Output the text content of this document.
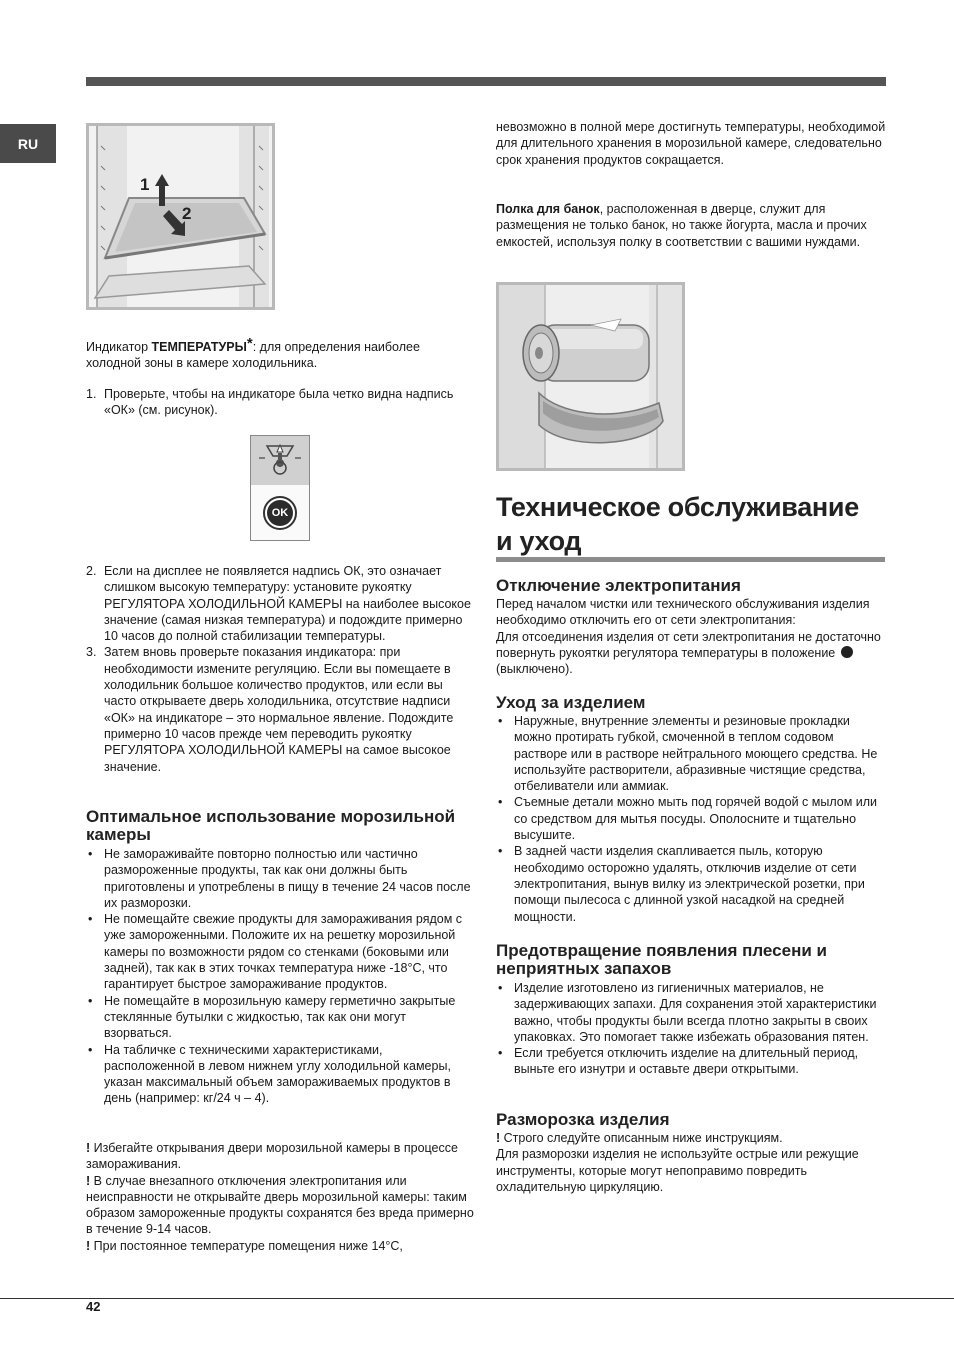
RU
1
2

Индикатор ТЕМПЕРАТУРЫ*: для определения наиболее холодной зоны в камере холодильника.

1. Проверьте, чтобы на индикаторе была четко видна надпись «ОК» (см. рисунок).
OK
2. Если на дисплее не появляется надпись ОК, это означает слишком высокую температуру: установите рукоятку РЕГУЛЯТОРА ХОЛОДИЛЬНОЙ КАМЕРЫ на наиболее высокое значение (самая низкая температура) и подождите примерно 10 часов до полной стабилизации температуры.
3. Затем вновь проверьте показания индикатора: при необходимости измените регуляцию. Если вы помещаете в холодильник большое количество продуктов, или если вы часто открываете дверь холодильника, отсутствие надписи «ОК» на индикаторе – это нормальное явление. Подождите примерно 10 часов прежде чем переводить рукоятку РЕГУЛЯТОРА ХОЛОДИЛЬНОЙ КАМЕРЫ на самое высокое значение.
Оптимальное использование морозильной камеры
• Не замораживайте повторно полностью или частично размороженные продукты, так как они должны быть приготовлены и употреблены в пищу в течение 24 часов после их разморозки.
• Не помещайте свежие продукты для замораживания рядом с уже замороженными. Положите их на решетку морозильной камеры по возможности рядом со стенками (боковыми или задней), так как в этих точках температура ниже -18°C, что гарантирует быстрое замораживание продуктов.
• Не помещайте в морозильную камеру герметично закрытые стеклянные бутылки с жидкостью, так как они могут взорваться.
• На табличке с техническими характеристиками, расположенной в левом нижнем углу холодильной камеры, указан максимальный объем замораживаемых продуктов в день (например: кг/24 ч – 4).

! Избегайте открывания двери морозильной камеры в процессе замораживания.

! В случае внезапного отключения электропитания или неисправности не открывайте дверь морозильной камеры: таким образом замороженные продукты сохранятся без вреда примерно в течение 9-14 часов.

! При постоянное температуре помещения ниже 14°C,

невозможно в полной мере достигнуть температуры, необходимой для длительного хранения в морозильной камере, следовательно срок хранения продуктов сокращается.

Полка для банок, расположенная в дверце, служит для размещения не только банок, но также йогурта, масла и прочих емкостей, используя полку в соответствии с вашими нуждами.

Техническое обслуживание
и уход
Отключение электропитания

Перед началом чистки или технического обслуживания изделия необходимо отключить его от сети электропитания:

Для отсоединения изделия от сети электропитания не достаточно повернуть рукоятки регулятора температуры в положение (выключено).

Уход за изделием
• Наружные, внутренние элементы и резиновые прокладки можно протирать губкой, смоченной в теплом содовом растворе или в растворе нейтрального моющего средства. Не используйте растворители, абразивные чистящие средства, отбеливатели или аммиак.
• Съемные детали можно мыть под горячей водой с мылом или со средством для мытья посуды. Ополосните и тщательно высушите.
• В задней части изделия скапливается пыль, которую необходимо осторожно удалять, отключив изделие от сети электропитания, вынув вилку из электрической розетки, при помощи пылесоса с длинной узкой насадкой на средней мощности.
Предотвращение появления плесени и неприятных запахов
• Изделие изготовлено из гигиеничных материалов, не задерживающих запахи. Для сохранения этой характеристики важно, чтобы продукты были всегда плотно закрыты в своих упаковках. Это помогает также избежать образования пятен.
• Если требуется отключить изделие на длительный период, выньте его изнутри и оставьте двери открытыми.
Разморозка изделия

! Строго следуйте описанным ниже инструкциям.

Для разморозки изделия не используйте острые или режущие инструменты, которые могут непоправимо повредить охладительную циркуляцию.

42
